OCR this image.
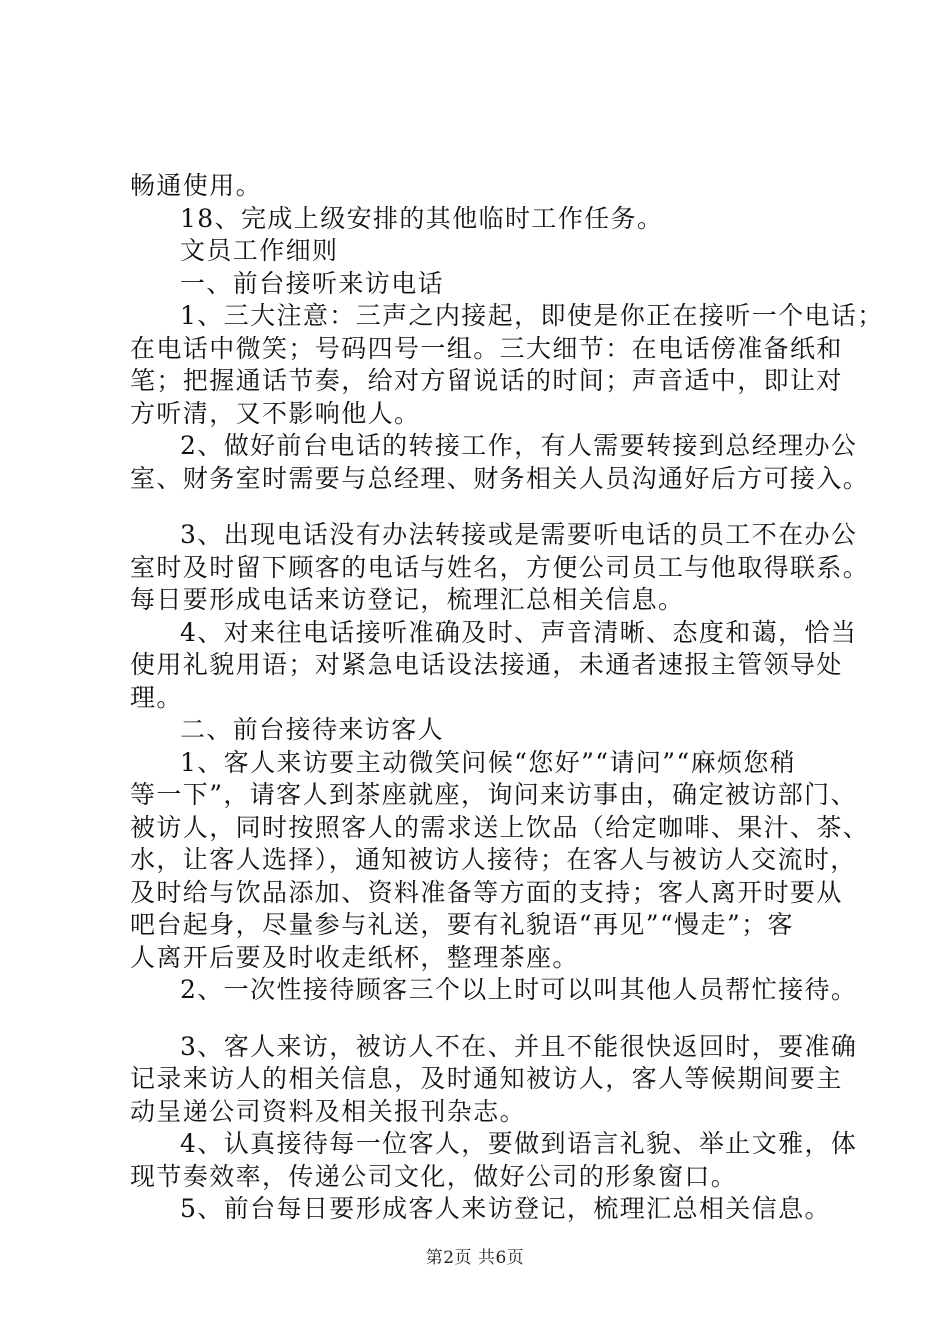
畅通使用。
18、完成上级安排的其他临时工作任务。
文员工作细则
一、前台接听来访电话
1、三大注意：三声之内接起，即使是你正在接听一个电话；
在电话中微笑；号码四号一组。三大细节：在电话傍准备纸和
笔；把握通话节奏，给对方留说话的时间；声音适中，即让对
方听清，又不影响他人。
2、做好前台电话的转接工作，有人需要转接到总经理办公
室、财务室时需要与总经理、财务相关人员沟通好后方可接入。
3、出现电话没有办法转接或是需要听电话的员工不在办公
室时及时留下顾客的电话与姓名，方便公司员工与他取得联系。
每日要形成电话来访登记，梳理汇总相关信息。
4、对来往电话接听准确及时、声音清晰、态度和蔼，恰当
使用礼貌用语；对紧急电话设法接通，未通者速报主管领导处
理。
二、前台接待来访客人
1、客人来访要主动微笑问候“您好”“请问”“麻烦您稍
等一下”，请客人到茶座就座，询问来访事由，确定被访部门、
被访人，同时按照客人的需求送上饮品（给定咖啡、果汁、茶、
水，让客人选择），通知被访人接待；在客人与被访人交流时，
及时给与饮品添加、资料准备等方面的支持；客人离开时要从
吧台起身，尽量参与礼送，要有礼貌语“再见”“慢走”；客
人离开后要及时收走纸杯，整理茶座。
2、一次性接待顾客三个以上时可以叫其他人员帮忙接待。
3、客人来访，被访人不在、并且不能很快返回时，要准确
记录来访人的相关信息，及时通知被访人，客人等候期间要主
动呈递公司资料及相关报刊杂志。
4、认真接待每一位客人，要做到语言礼貌、举止文雅，体
现节奏效率，传递公司文化，做好公司的形象窗口。
5、前台每日要形成客人来访登记，梳理汇总相关信息。
第2页 共6页
